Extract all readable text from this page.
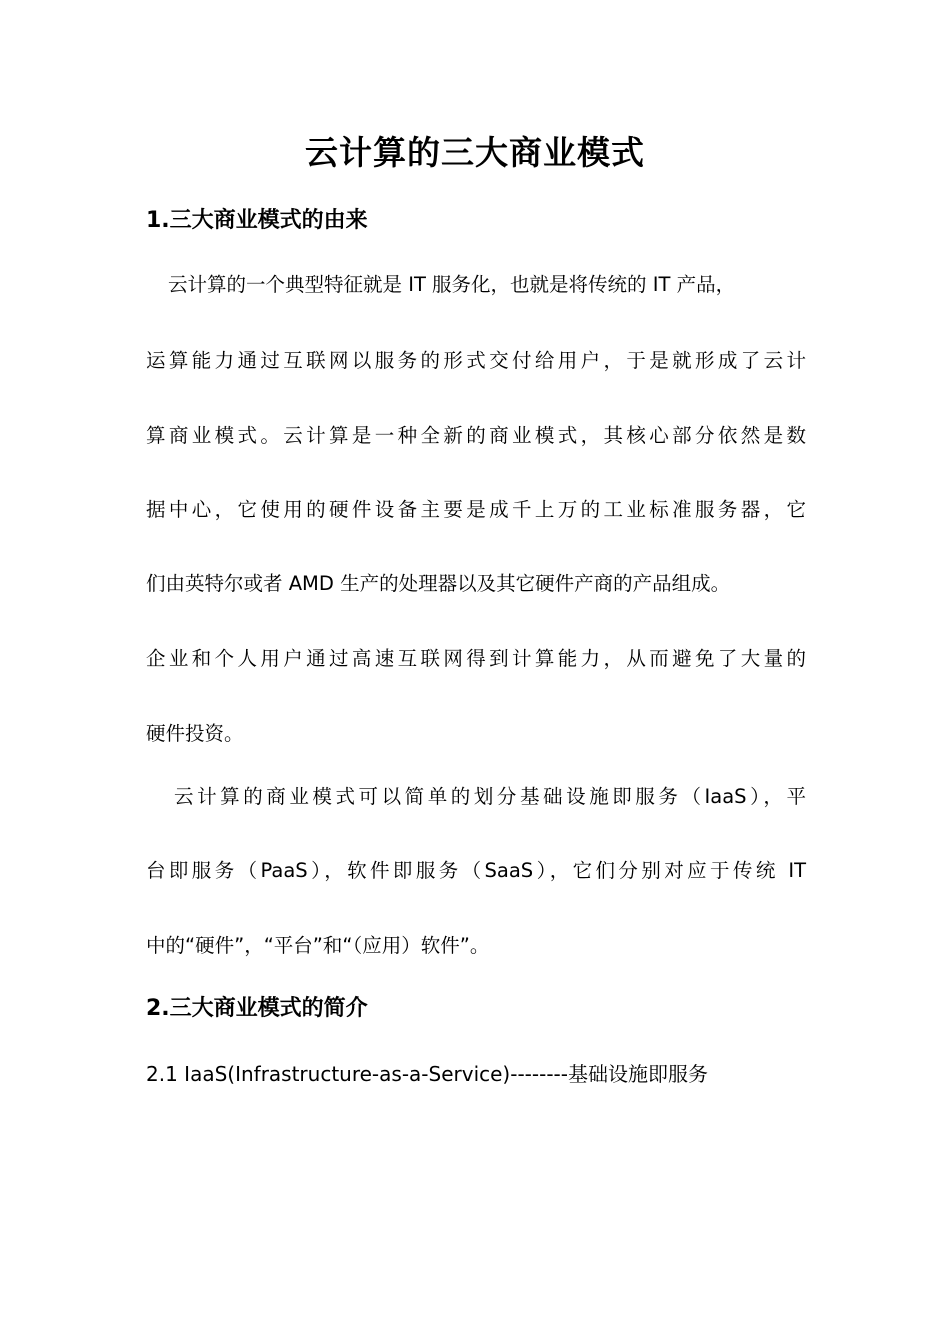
云计算的三大商业模式
1.三大商业模式的由来
云计算的一个典型特征就是 IT 服务化，也就是将传统的 IT 产品，
运算能力通过互联网以服务的形式交付给用户，于是就形成了云计
算商业模式。云计算是一种全新的商业模式，其核心部分依然是数
据中心，它使用的硬件设备主要是成千上万的工业标准服务器，它
们由英特尔或者 AMD 生产的处理器以及其它硬件产商的产品组成。
企业和个人用户通过高速互联网得到计算能力，从而避免了大量的
硬件投资。
云计算的商业模式可以简单的划分基础设施即服务（IaaS），平
台即服务（PaaS），软件即服务（SaaS），它们分别对应于传统 IT
中的“硬件”，“平台”和“（应用）软件”。
2.三大商业模式的简介
2.1 IaaS(Infrastructure-as-a-Service)--------基础设施即服务
